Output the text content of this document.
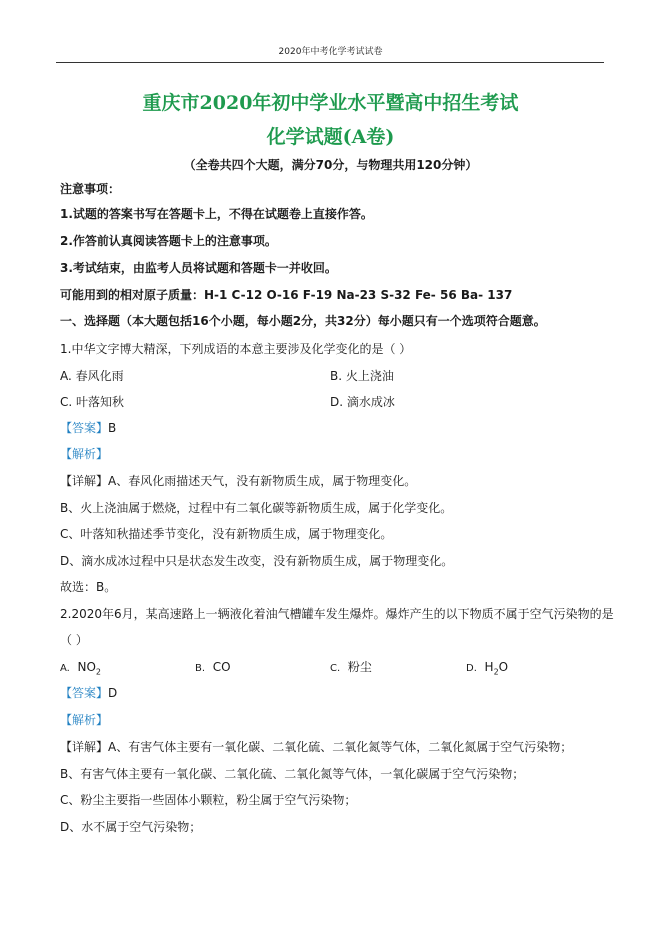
2020年中考化学考试试卷
重庆市2020年初中学业水平暨高中招生考试
化学试题(A卷)
（全卷共四个大题，满分70分，与物理共用120分钟）
注意事项：
1.试题的答案书写在答题卡上，不得在试题卷上直接作答。
2.作答前认真阅读答题卡上的注意事项。
3.考试结束，由监考人员将试题和答题卡一并收回。
可能用到的相对原子质量：H-1 C-12 O-16 F-19 Na-23 S-32 Fe- 56 Ba- 137
一、选择题（本大题包括16个小题，每小题2分，共32分）每小题只有一个选项符合题意。
1.中华文字博大精深，下列成语的本意主要涉及化学变化的是（ ）
A. 春风化雨	B. 火上浇油
C. 叶落知秋	D. 滴水成冰
【答案】B
【解析】
【详解】A、春风化雨描述天气，没有新物质生成，属于物理变化。
B、火上浇油属于燃烧，过程中有二氧化碳等新物质生成，属于化学变化。
C、叶落知秋描述季节变化，没有新物质生成，属于物理变化。
D、滴水成冰过程中只是状态发生改变，没有新物质生成，属于物理变化。
故选：B。
2.2020年6月，某高速路上一辆液化着油气槽罐车发生爆炸。爆炸产生的以下物质不属于空气污染物的是
（ ）
A. $NO_2$	B. CO	C. 粉尘	D. $H_2O$
【答案】D
【解析】
【详解】A、有害气体主要有一氧化碳、二氧化硫、二氧化氮等气体，二氧化氮属于空气污染物；
B、有害气体主要有一氧化碳、二氧化硫、二氧化氮等气体，一氧化碳属于空气污染物；
C、粉尘主要指一些固体小颗粒，粉尘属于空气污染物；
D、水不属于空气污染物；
